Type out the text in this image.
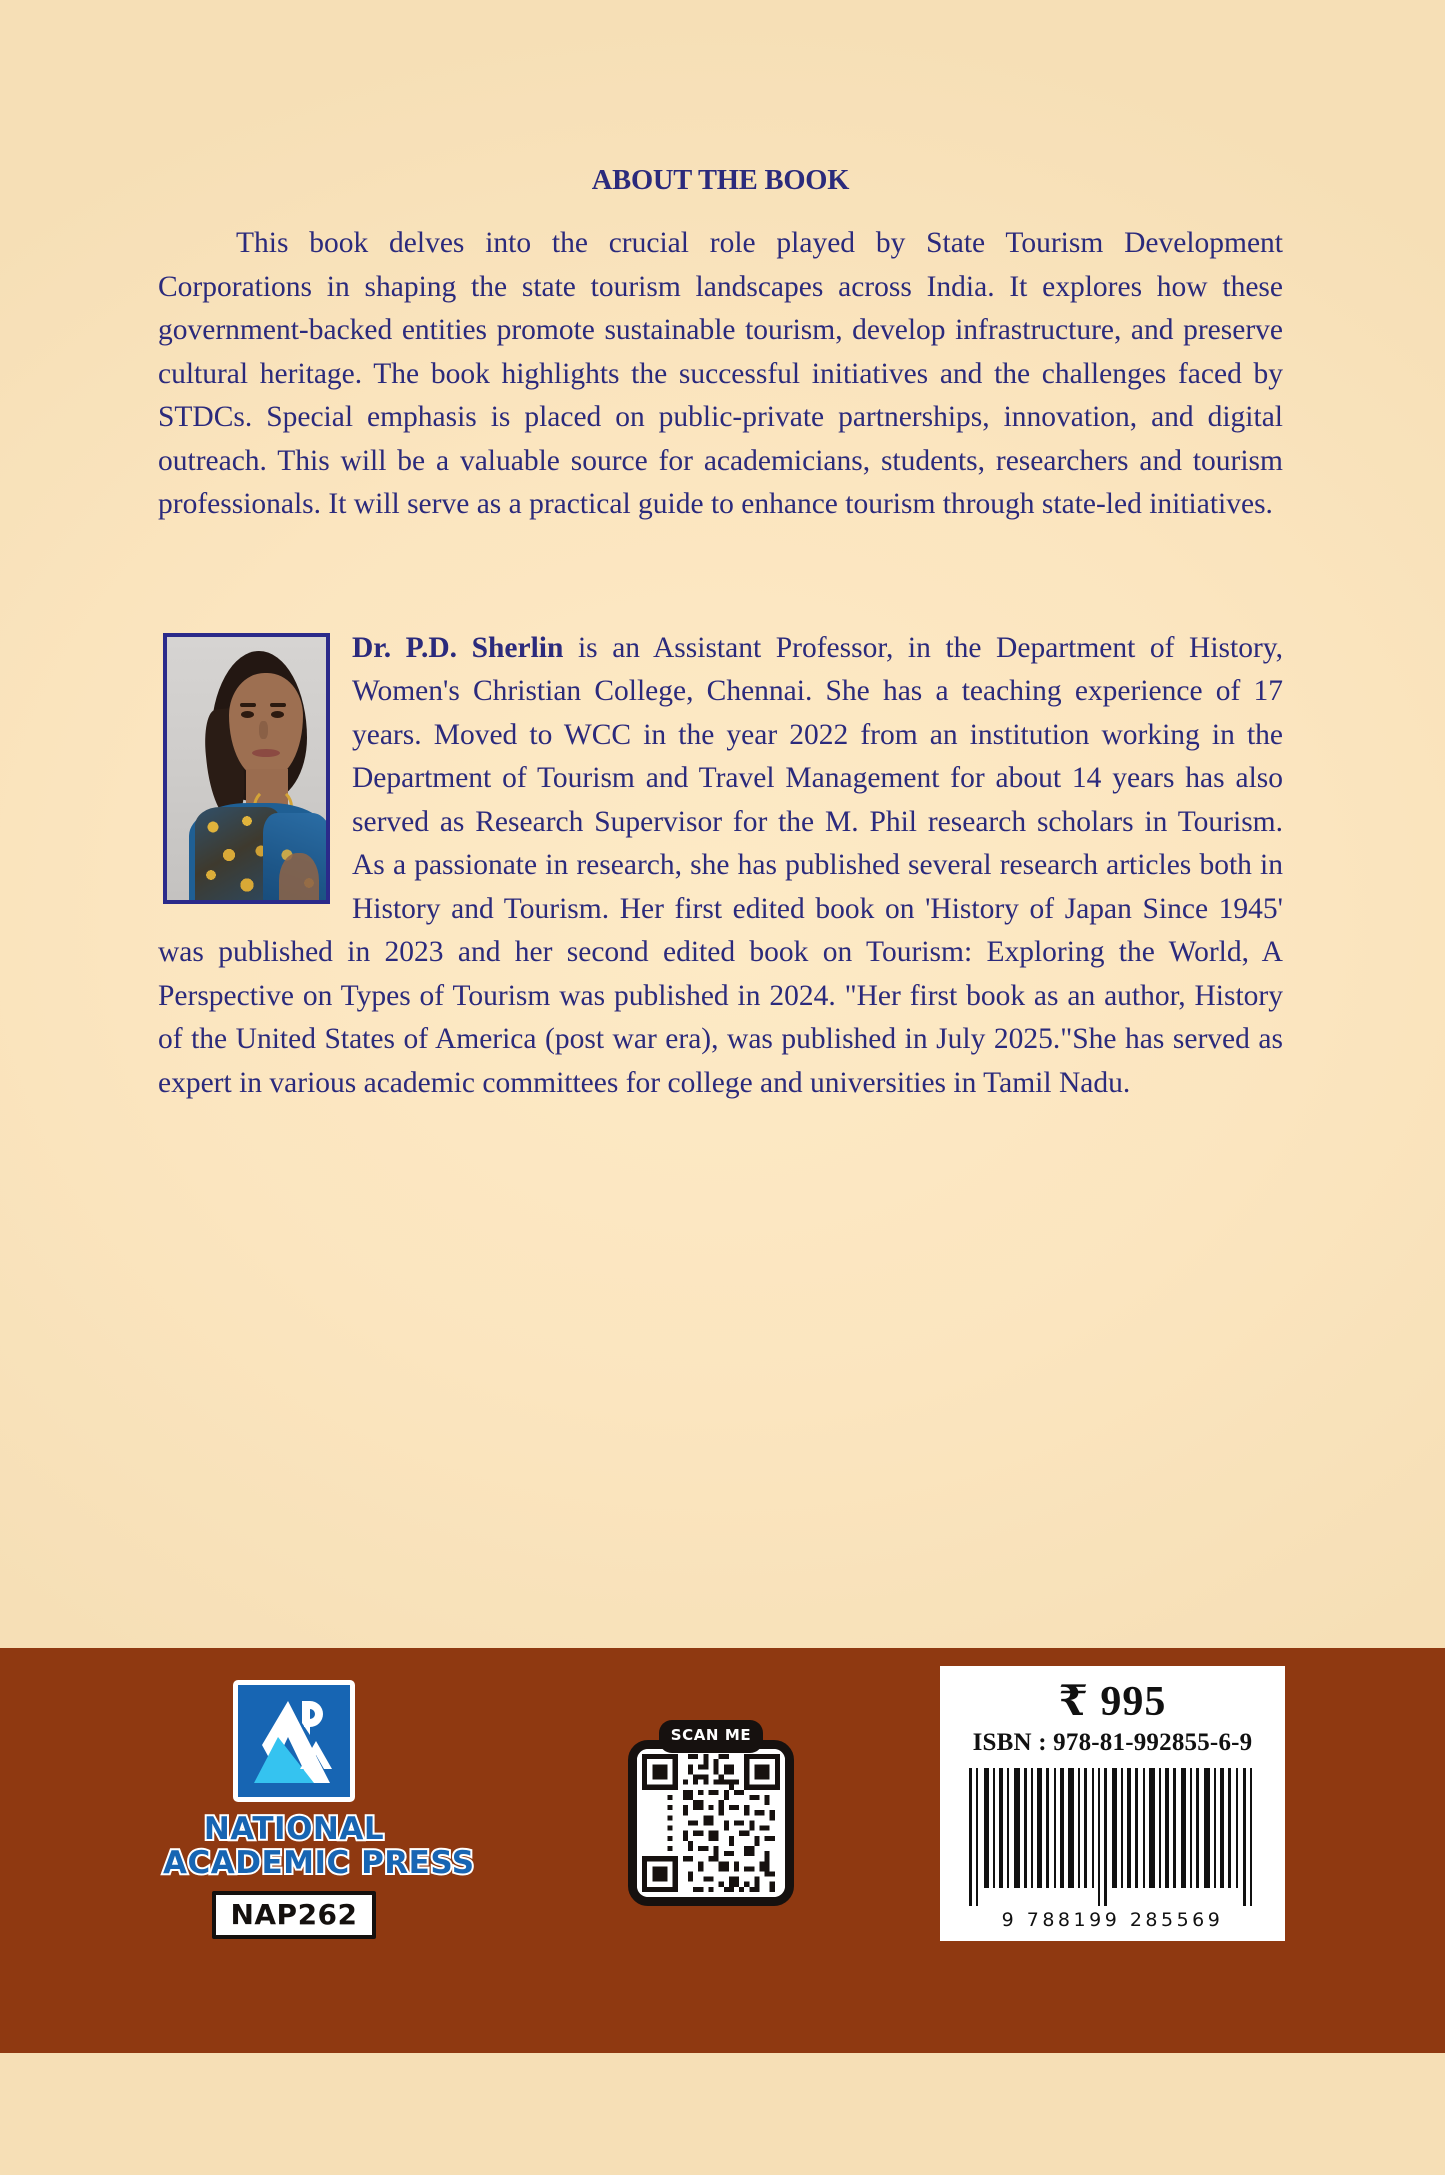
ABOUT THE BOOK
This book delves into the crucial role played by State Tourism Development Corporations in shaping the state tourism landscapes across India. It explores how these government-backed entities promote sustainable tourism, develop infrastructure, and preserve cultural heritage. The book highlights the successful initiatives and the challenges faced by STDCs. Special emphasis is placed on public-private partnerships, innovation, and digital outreach. This will be a valuable source for academicians, students, researchers and tourism professionals. It will serve as a practical guide to enhance tourism through state-led initiatives.
Dr. P.D. Sherlin is an Assistant Professor, in the Department of History, Women's Christian College, Chennai. She has a teaching experience of 17 years. Moved to WCC in the year 2022 from an institution working in the Department of Tourism and Travel Management for about 14 years has also served as Research Supervisor for the M. Phil research scholars in Tourism. As a passionate in research, she has published several research articles both in History and Tourism. Her first edited book on 'History of Japan Since 1945' was published in 2023 and her second edited book on Tourism: Exploring the World, A Perspective on Types of Tourism was published in 2024. "Her first book as an author, History of the United States of America (post war era), was published in July 2025."She has served as expert in various academic committees for college and universities in Tamil Nadu.
NATIONAL
ACADEMIC PRESS
NAP262
SCAN ME
₹ 995
ISBN : 978-81-992855-6-9
9 788199 285569
